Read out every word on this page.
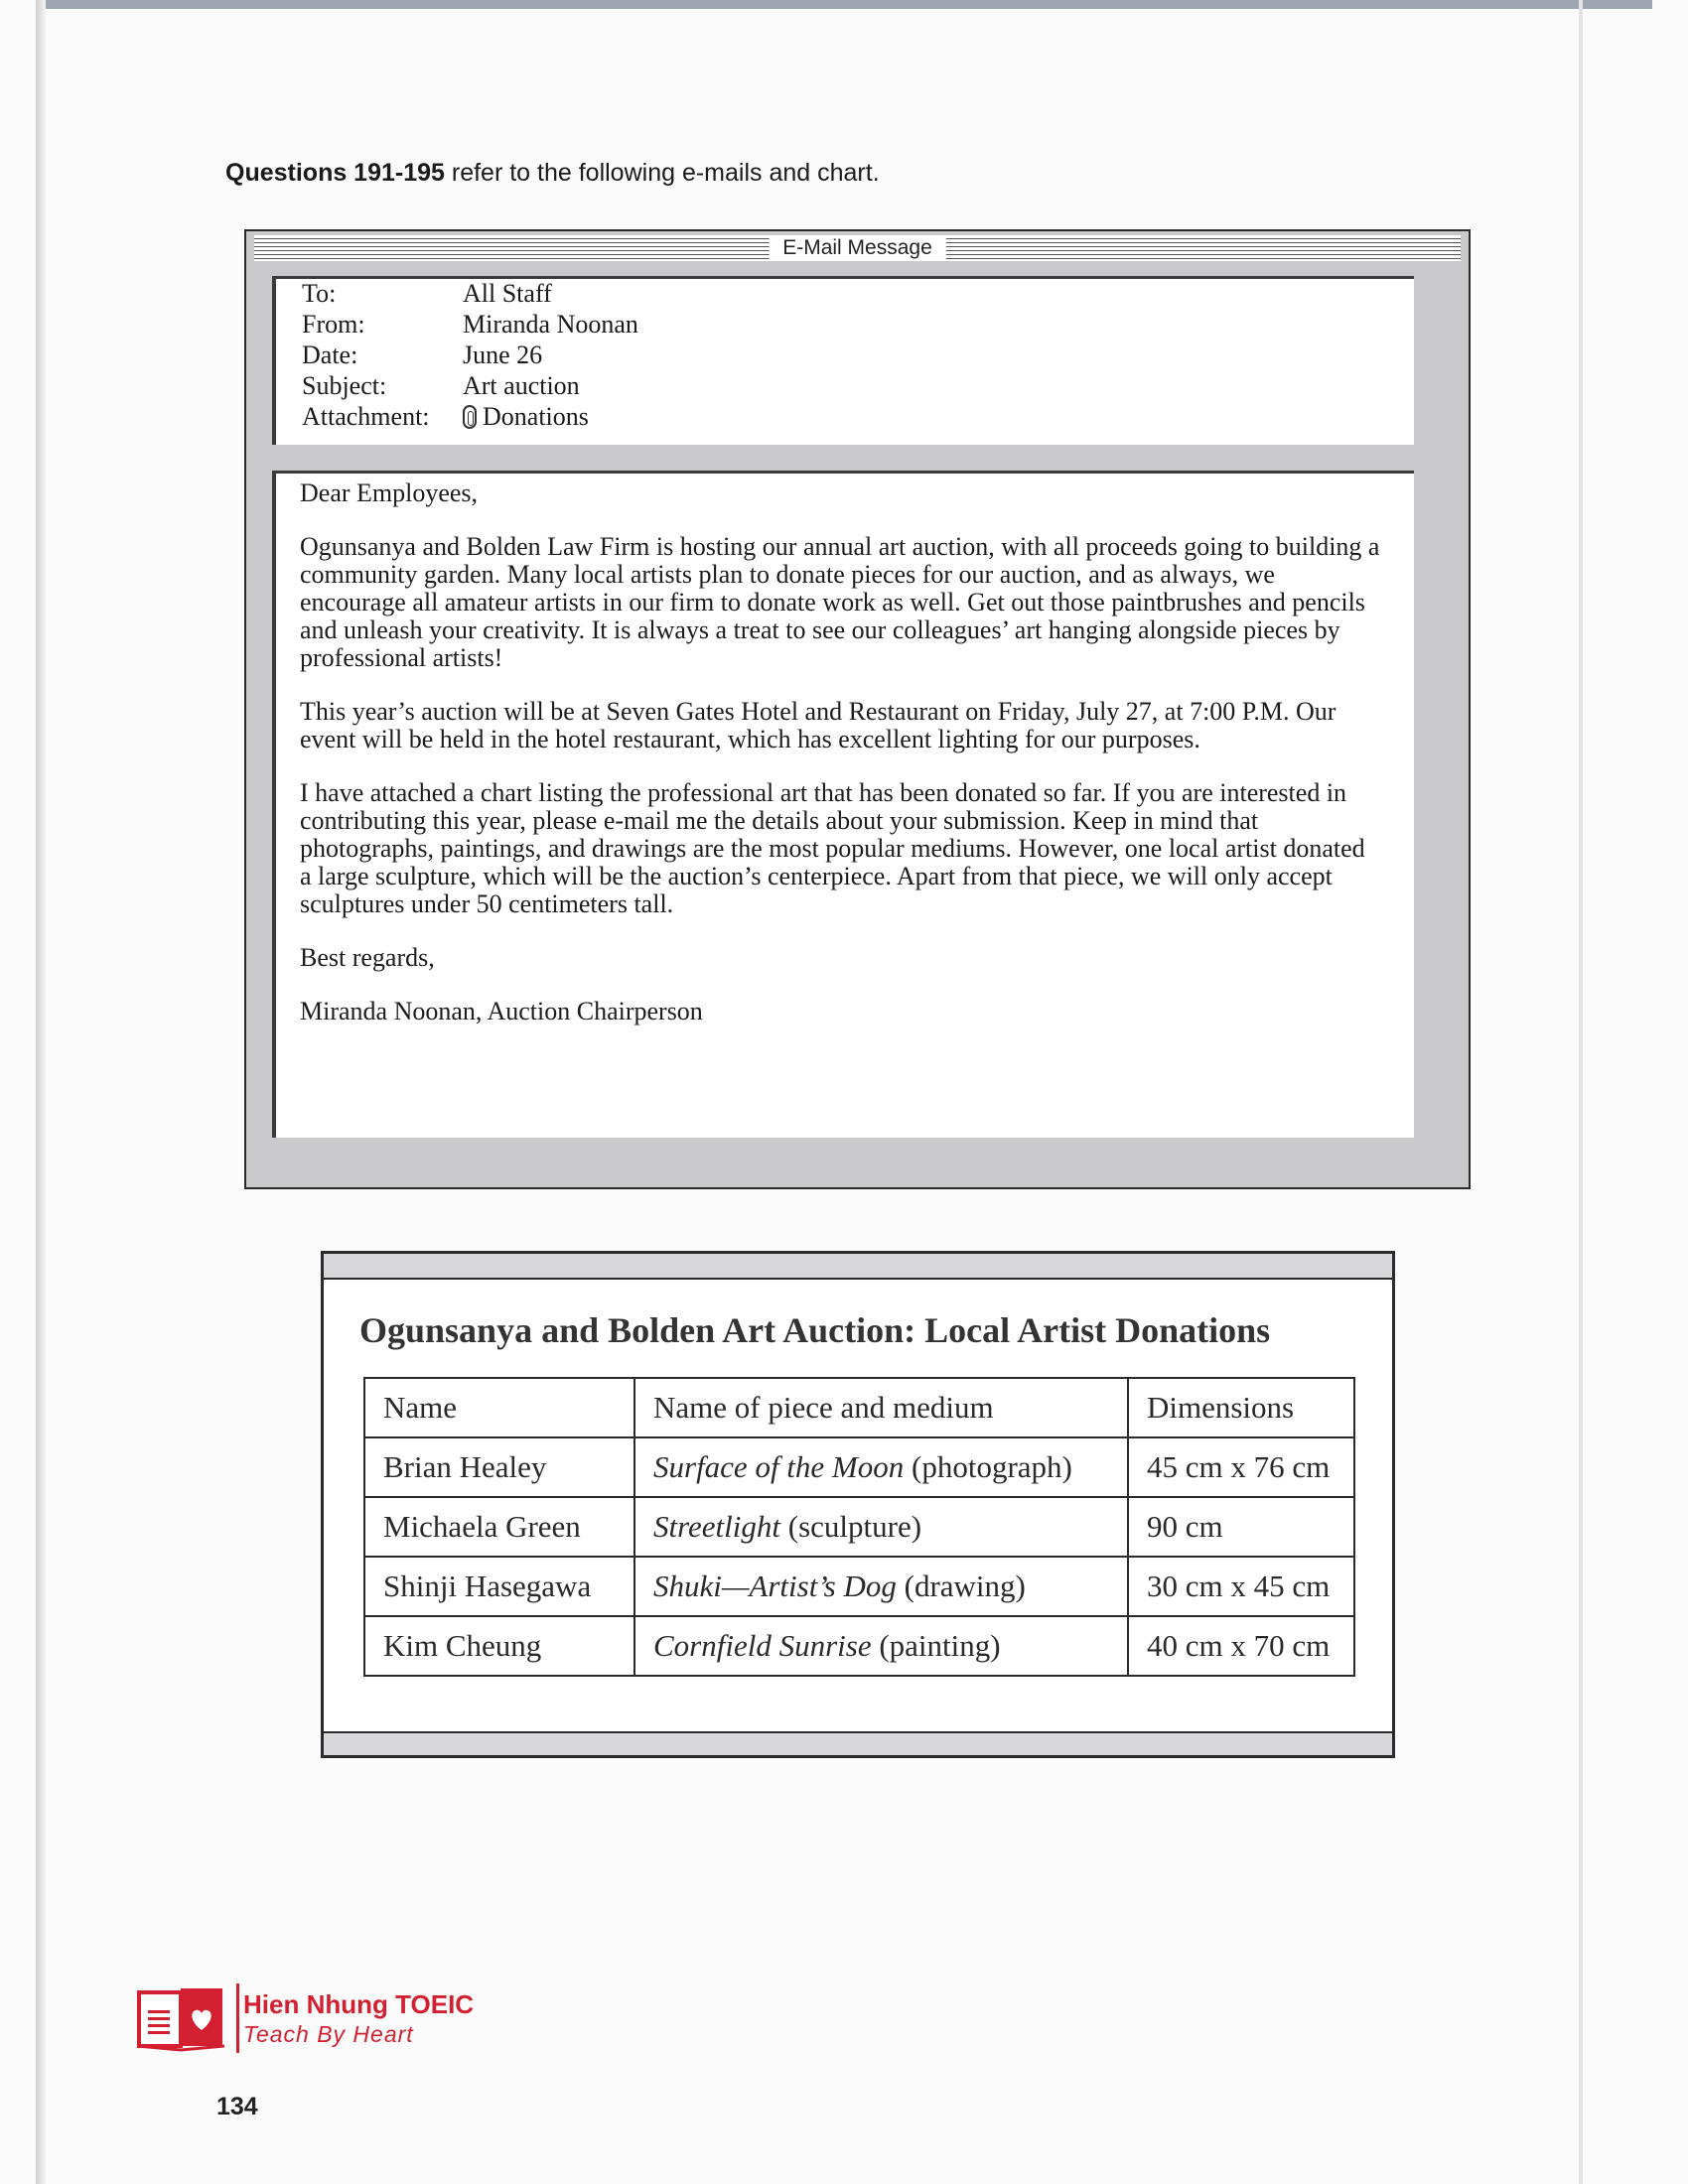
Questions 191-195 refer to the following e-mails and chart.
E-Mail Message
To:	All Staff
From:	Miranda Noonan
Date:	June 26
Subject:	Art auction
Attachment: Donations

Dear Employees,

Ogunsanya and Bolden Law Firm is hosting our annual art auction, with all proceeds going to building a community garden. Many local artists plan to donate pieces for our auction, and as always, we encourage all amateur artists in our firm to donate work as well. Get out those paintbrushes and pencils and unleash your creativity. It is always a treat to see our colleagues’ art hanging alongside pieces by professional artists!

This year’s auction will be at Seven Gates Hotel and Restaurant on Friday, July 27, at 7:00 P.M. Our event will be held in the hotel restaurant, which has excellent lighting for our purposes.

I have attached a chart listing the professional art that has been donated so far. If you are interested in contributing this year, please e-mail me the details about your submission. Keep in mind that photographs, paintings, and drawings are the most popular mediums. However, one local artist donated a large sculpture, which will be the auction’s centerpiece. Apart from that piece, we will only accept sculptures under 50 centimeters tall.

Best regards,

Miranda Noonan, Auction Chairperson

Ogunsanya and Bolden Art Auction: Local Artist Donations
Name	Name of piece and medium	Dimensions
Brian Healey	Surface of the Moon (photograph)	45 cm x 76 cm
Michaela Green	Streetlight (sculpture)	90 cm
Shinji Hasegawa	Shuki—Artist’s Dog (drawing)	30 cm x 45 cm
Kim Cheung	Cornfield Sunrise (painting)	40 cm x 70 cm
Hien Nhung TOEIC
Teach By Heart
134
